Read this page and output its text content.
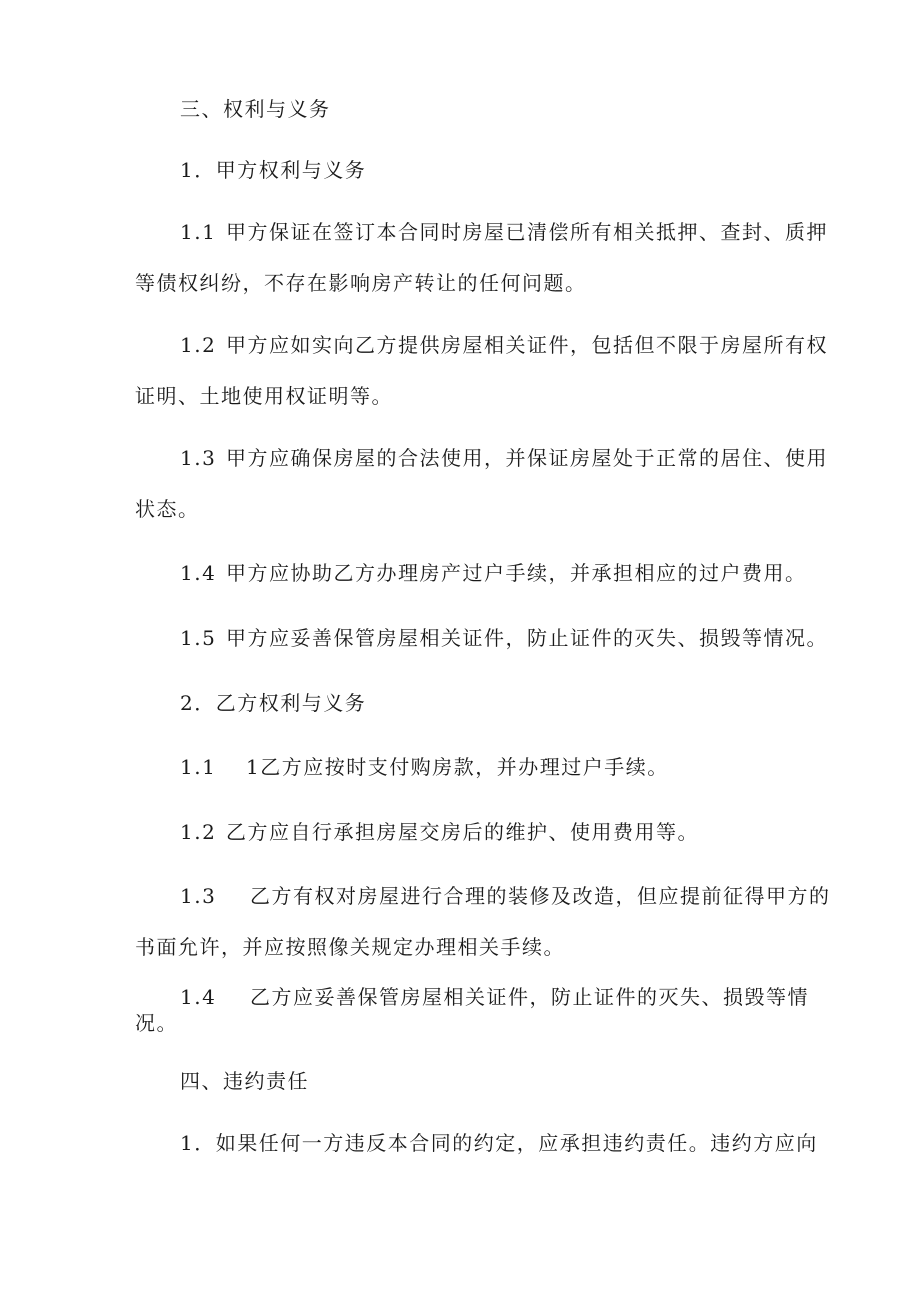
三、权利与义务
1．甲方权利与义务
1.1 甲方保证在签订本合同时房屋已清偿所有相关抵押、查封、质押
等债权纠纷，不存在影响房产转让的任何问题。
1.2 甲方应如实向乙方提供房屋相关证件，包括但不限于房屋所有权
证明、土地使用权证明等。
1.3 甲方应确保房屋的合法使用，并保证房屋处于正常的居住、使用
状态。
1.4 甲方应协助乙方办理房产过户手续，并承担相应的过户费用。
1.5 甲方应妥善保管房屋相关证件，防止证件的灭失、损毁等情况。
2．乙方权利与义务
1.1 1乙方应按时支付购房款，并办理过户手续。
1.2 乙方应自行承担房屋交房后的维护、使用费用等。
1.3 乙方有权对房屋进行合理的装修及改造，但应提前征得甲方的
书面允许，并应按照像关规定办理相关手续。
1.4 乙方应妥善保管房屋相关证件，防止证件的灭失、损毁等情
况。
四、违约责任
1．如果任何一方违反本合同的约定，应承担违约责任。违约方应向
